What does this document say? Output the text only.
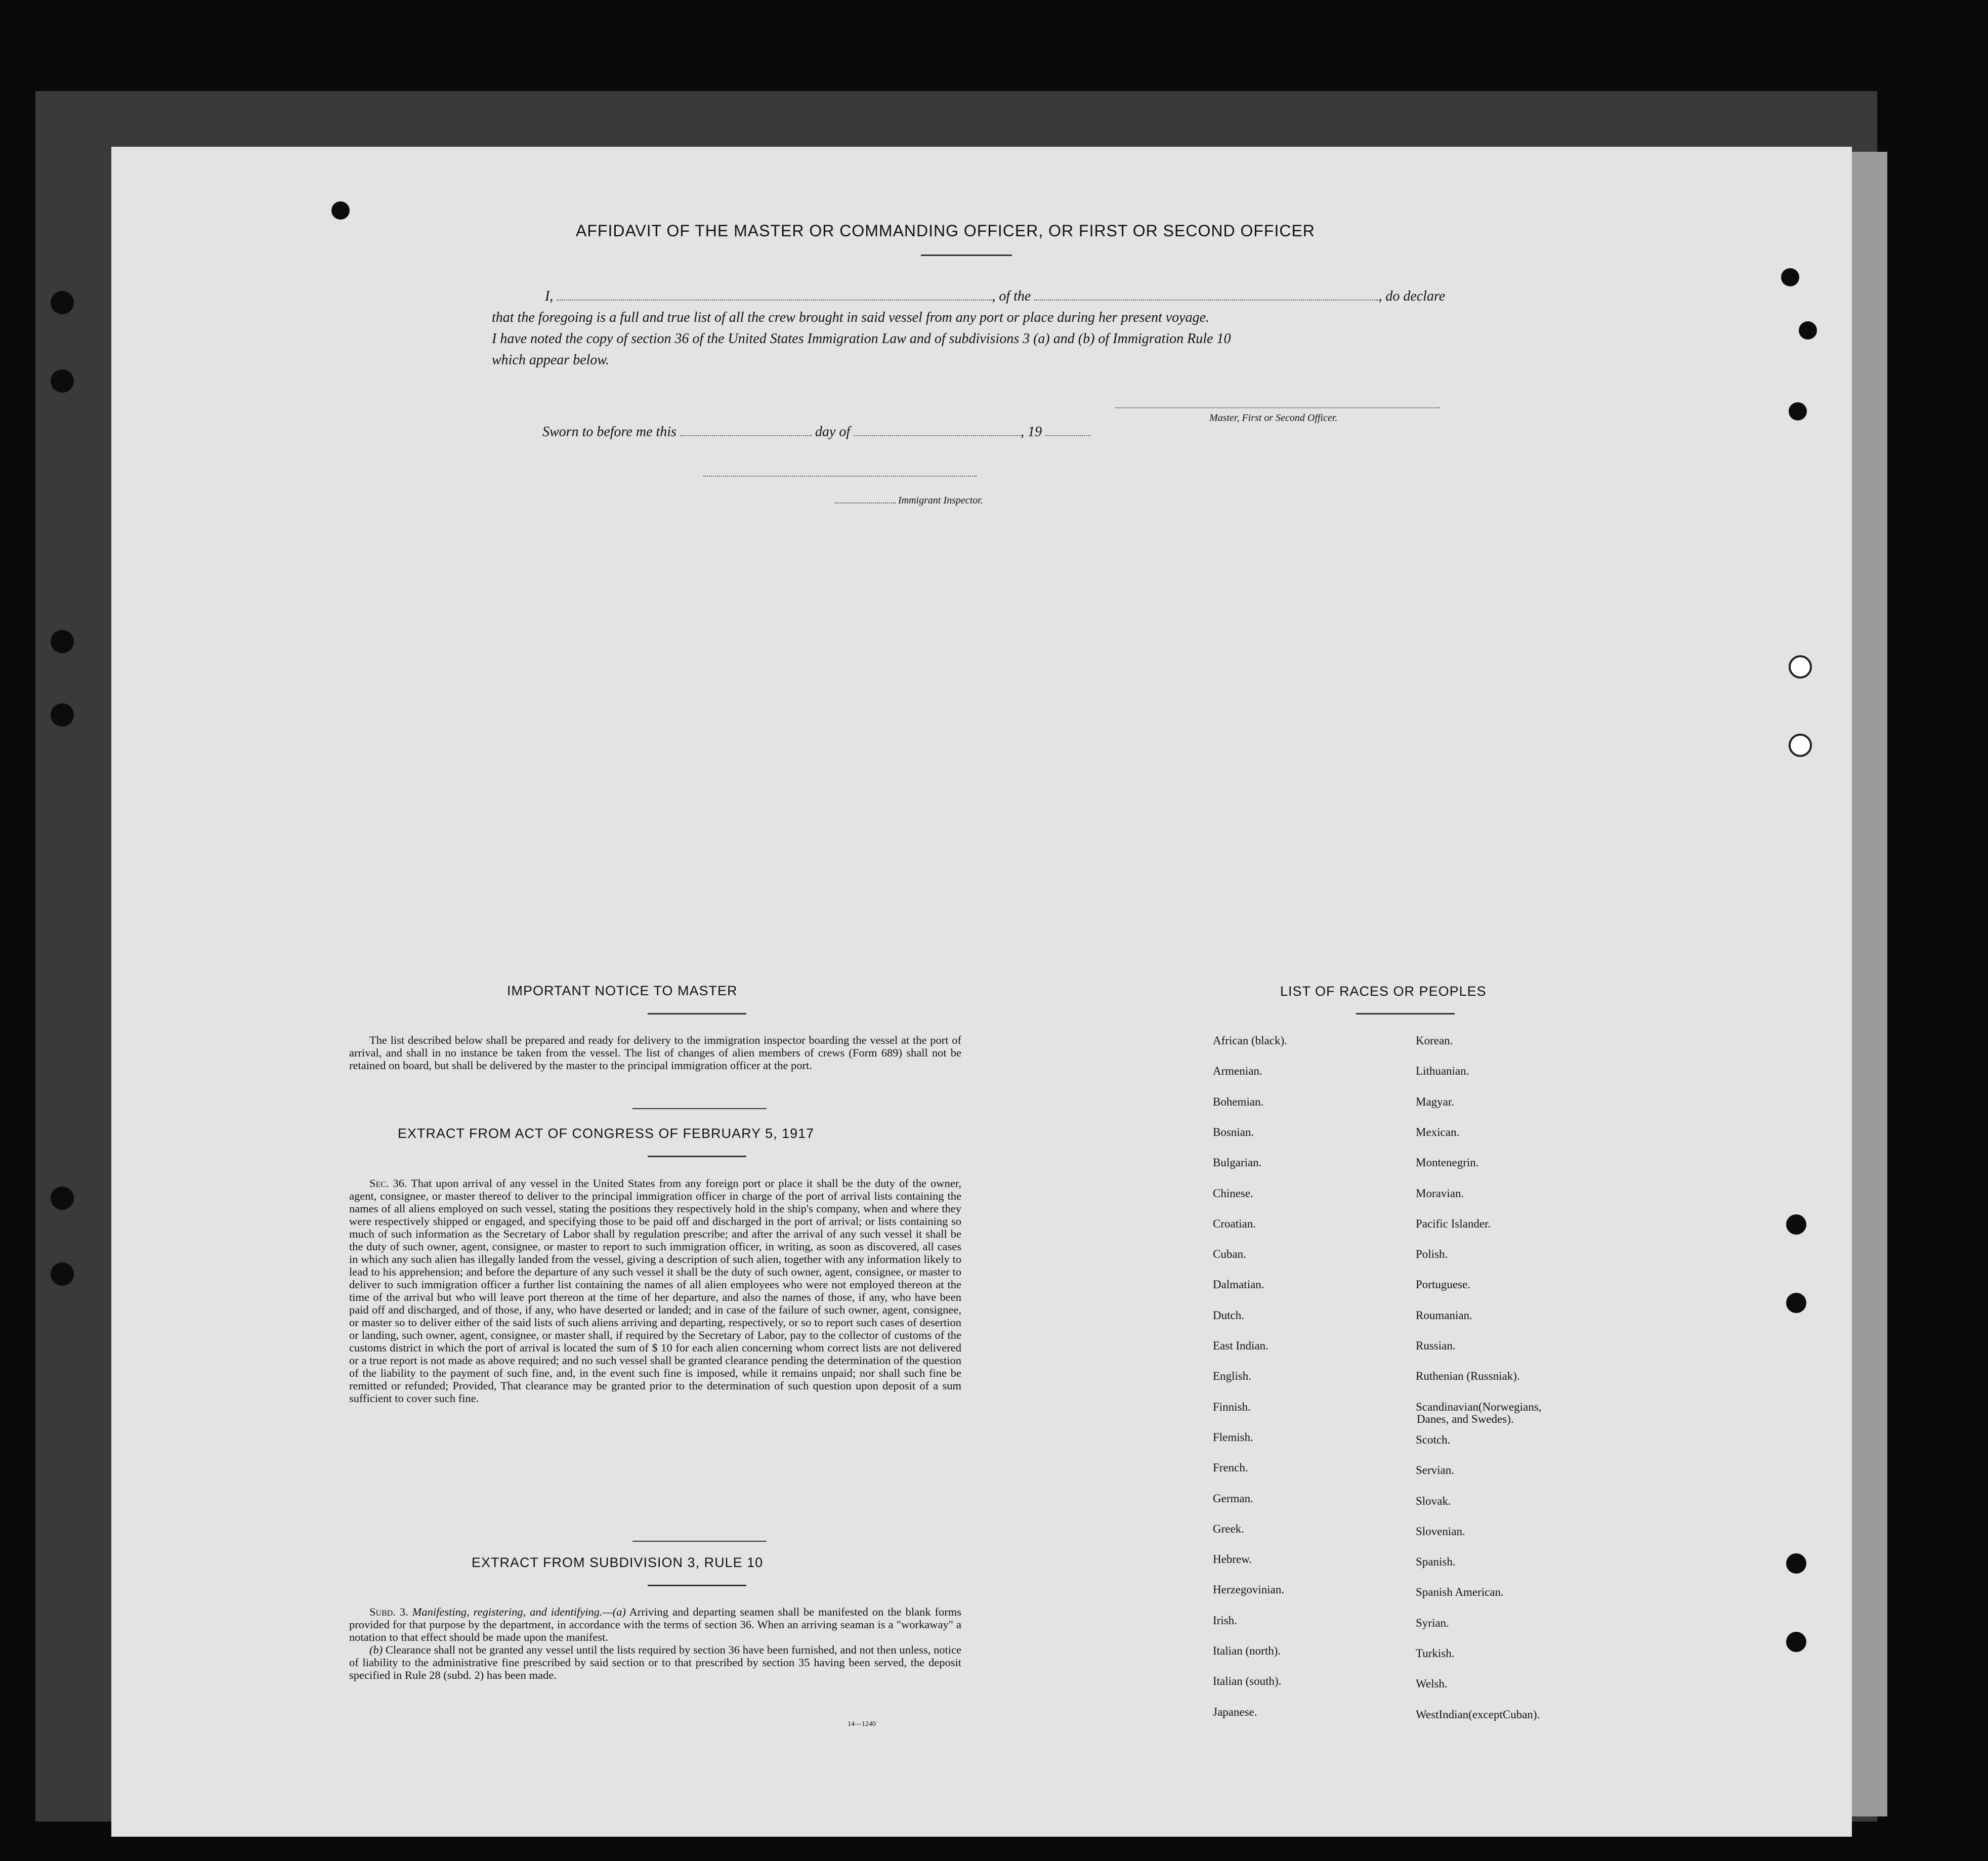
AFFIDAVIT OF THE MASTER OR COMMANDING OFFICER, OR FIRST OR SECOND OFFICER
I,	, of the	, do declare
that the foregoing is a full and true list of all the crew brought in said vessel from any port or place during her present voyage.
I have noted the copy of section 36 of the United States Immigration Law and of subdivisions 3 (a) and (b) of Immigration Rule 10
which appear below.
Master, First or Second Officer.
Sworn to before me this	day of	, 19
Immigrant Inspector.
IMPORTANT NOTICE TO MASTER

The list described below shall be prepared and ready for delivery to the immigration inspector boarding the vessel at the port of arrival, and shall in no instance be taken from the vessel. The list of changes of alien members of crews (Form 689) shall not be retained on board, but shall be delivered by the master to the principal immigration officer at the port.

EXTRACT FROM ACT OF CONGRESS OF FEBRUARY 5, 1917

Sec. 36. That upon arrival of any vessel in the United States from any foreign port or place it shall be the duty of the owner, agent, consignee, or master thereof to deliver to the principal immigration officer in charge of the port of arrival lists containing the names of all aliens employed on such vessel, stating the positions they respectively hold in the ship's company, when and where they were respectively shipped or engaged, and specifying those to be paid off and discharged in the port of arrival; or lists containing so much of such information as the Secretary of Labor shall by regulation prescribe; and after the arrival of any such vessel it shall be the duty of such owner, agent, consignee, or master to report to such immigration officer, in writing, as soon as discovered, all cases in which any such alien has illegally landed from the vessel, giving a description of such alien, together with any information likely to lead to his apprehension; and before the departure of any such vessel it shall be the duty of such owner, agent, consignee, or master to deliver to such immigration officer a further list containing the names of all alien employees who were not employed thereon at the time of the arrival but who will leave port thereon at the time of her departure, and also the names of those, if any, who have been paid off and discharged, and of those, if any, who have deserted or landed; and in case of the failure of such owner, agent, consignee, or master so to deliver either of the said lists of such aliens arriving and departing, respectively, or so to report such cases of desertion or landing, such owner, agent, consignee, or master shall, if required by the Secretary of Labor, pay to the collector of customs of the customs district in which the port of arrival is located the sum of $ 10 for each alien concerning whom correct lists are not delivered or a true report is not made as above required; and no such vessel shall be granted clearance pending the determination of the question of the liability to the payment of such fine, and, in the event such fine is imposed, while it remains unpaid; nor shall such fine be remitted or refunded; Provided, That clearance may be granted prior to the determination of such question upon deposit of a sum sufficient to cover such fine.

EXTRACT FROM SUBDIVISION 3, RULE 10

Subd. 3. Manifesting, registering, and identifying.—(a) Arriving and departing seamen shall be manifested on the blank forms provided for that purpose by the department, in accordance with the terms of section 36. When an arriving seaman is a "workaway" a notation to that effect should be made upon the manifest.

(b) Clearance shall not be granted any vessel until the lists required by section 36 have been furnished, and not then unless, notice of liability to the administrative fine prescribed by said section or to that prescribed by section 35 having been served, the deposit specified in Rule 28 (subd. 2) has been made.

14—1240
LIST OF RACES OR PEOPLES
Danes, and Swedes).
African (black).
Armenian.
Bohemian.
Bosnian.
Bulgarian.
Chinese.
Croatian.
Cuban.
Dalmatian.
Dutch.
East Indian.
English.
Finnish.
Flemish.
French.
German.
Greek.
Hebrew.
Herzegovinian.
Irish.
Italian (north).
Italian (south).
Japanese.
Korean.
Lithuanian.
Magyar.
Mexican.
Montenegrin.
Moravian.
Pacific Islander.
Polish.
Portuguese.
Roumanian.
Russian.
Ruthenian (Russniak).
Scandinavian(Norwegians,
Scotch.
Servian.
Slovak.
Slovenian.
Spanish.
Spanish American.
Syrian.
Turkish.
Welsh.
WestIndian(exceptCuban).
